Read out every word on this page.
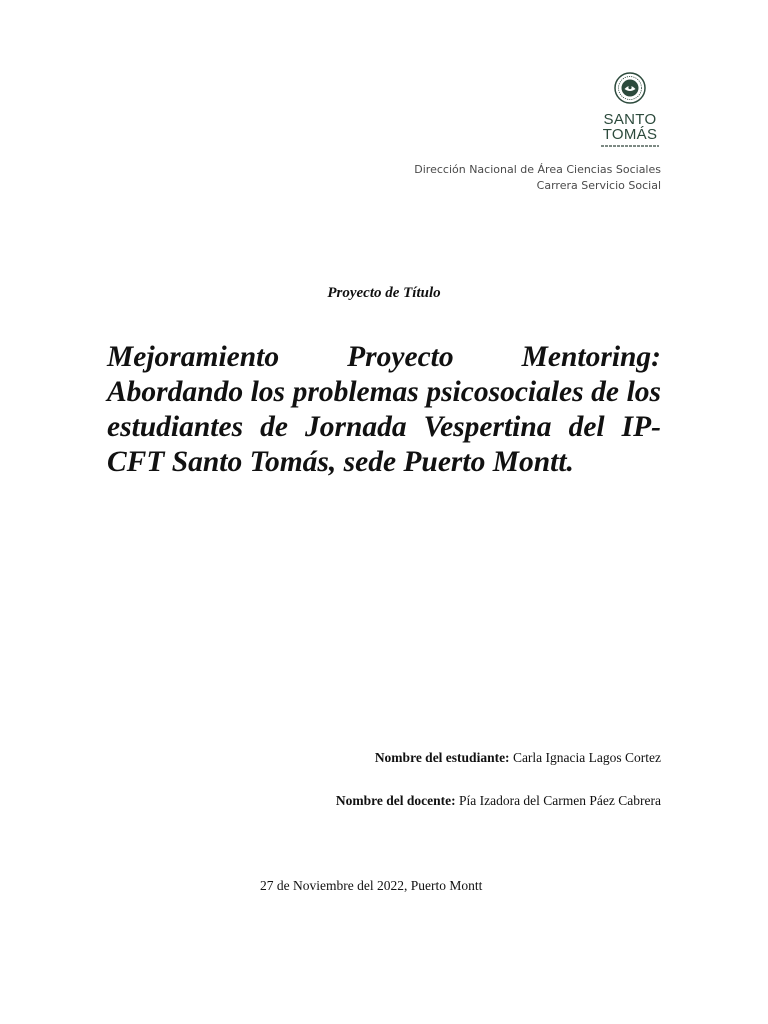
SANTO
TOMÁS
Dirección Nacional de Área Ciencias Sociales
Carrera Servicio Social
Proyecto de Título
Mejoramiento Proyecto Mentoring: Abordando los problemas psicosociales de los estudiantes de Jornada Vespertina del IP-CFT Santo Tomás, sede Puerto Montt.
Nombre del estudiante: Carla Ignacia Lagos Cortez
Nombre del docente: Pía Izadora del Carmen Páez Cabrera
27 de Noviembre del 2022, Puerto Montt
